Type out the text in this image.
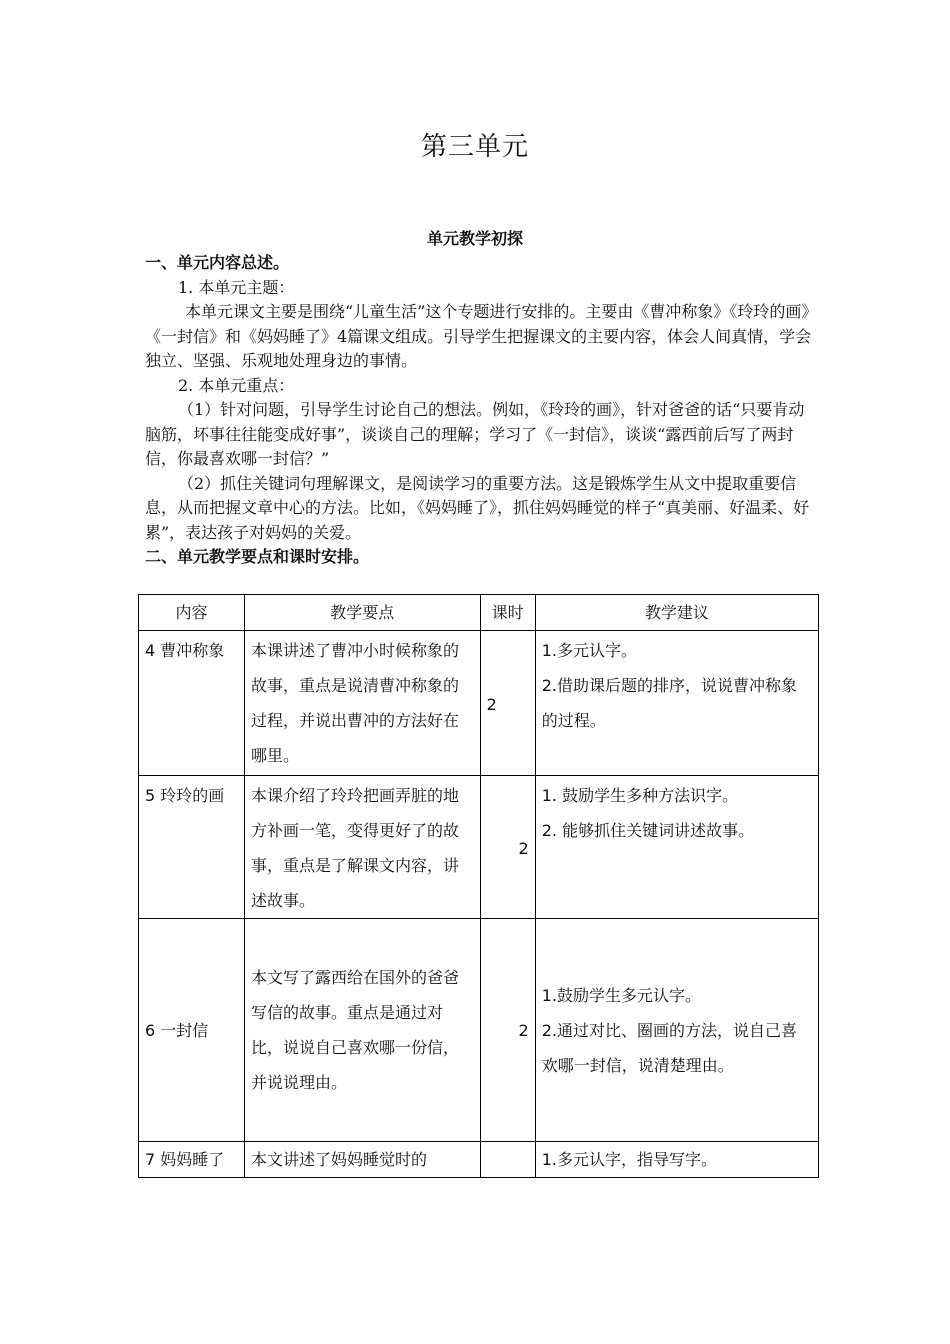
第三单元
单元教学初探

一、单元内容总述。

1. 本单元主题：

本单元课文主要是围绕“儿童生活”这个专题进行安排的。主要由《曹冲称象》《玲玲的画》《一封信》和《妈妈睡了》4篇课文组成。引导学生把握课文的主要内容，体会人间真情，学会独立、坚强、乐观地处理身边的事情。

2. 本单元重点：

（1）针对问题，引导学生讨论自己的想法。例如，《玲玲的画》，针对爸爸的话“只要肯动脑筋，坏事往往能变成好事”，谈谈自己的理解；学习了《一封信》，谈谈“露西前后写了两封信，你最喜欢哪一封信？”

（2）抓住关键词句理解课文，是阅读学习的重要方法。这是锻炼学生从文中提取重要信息，从而把握文章中心的方法。比如，《妈妈睡了》，抓住妈妈睡觉的样子“真美丽、好温柔、好累”，表达孩子对妈妈的关爱。

二、单元教学要点和课时安排。

内容	教学要点	课时	教学建议
4 曹冲称象	本课讲述了曹冲小时候称象的故事，重点是说清曹冲称象的过程，并说出曹冲的方法好在哪里。	2	1.多元认字。
2.借助课后题的排序，说说曹冲称象的过程。

5 玲玲的画	本课介绍了玲玲把画弄脏的地方补画一笔，变得更好了的故事，重点是了解课文内容，讲述故事。	2	1. 鼓励学生多种方法识字。
2. 能够抓住关键词讲述故事。

6 一封信	本文写了露西给在国外的爸爸写信的故事。重点是通过对比，说说自己喜欢哪一份信，并说说理由。	2	1.鼓励学生多元认字。
2.通过对比、圈画的方法，说自己喜欢哪一封信，说清楚理由。

7 妈妈睡了	本文讲述了妈妈睡觉时的		1.多元认字，指导写字。
